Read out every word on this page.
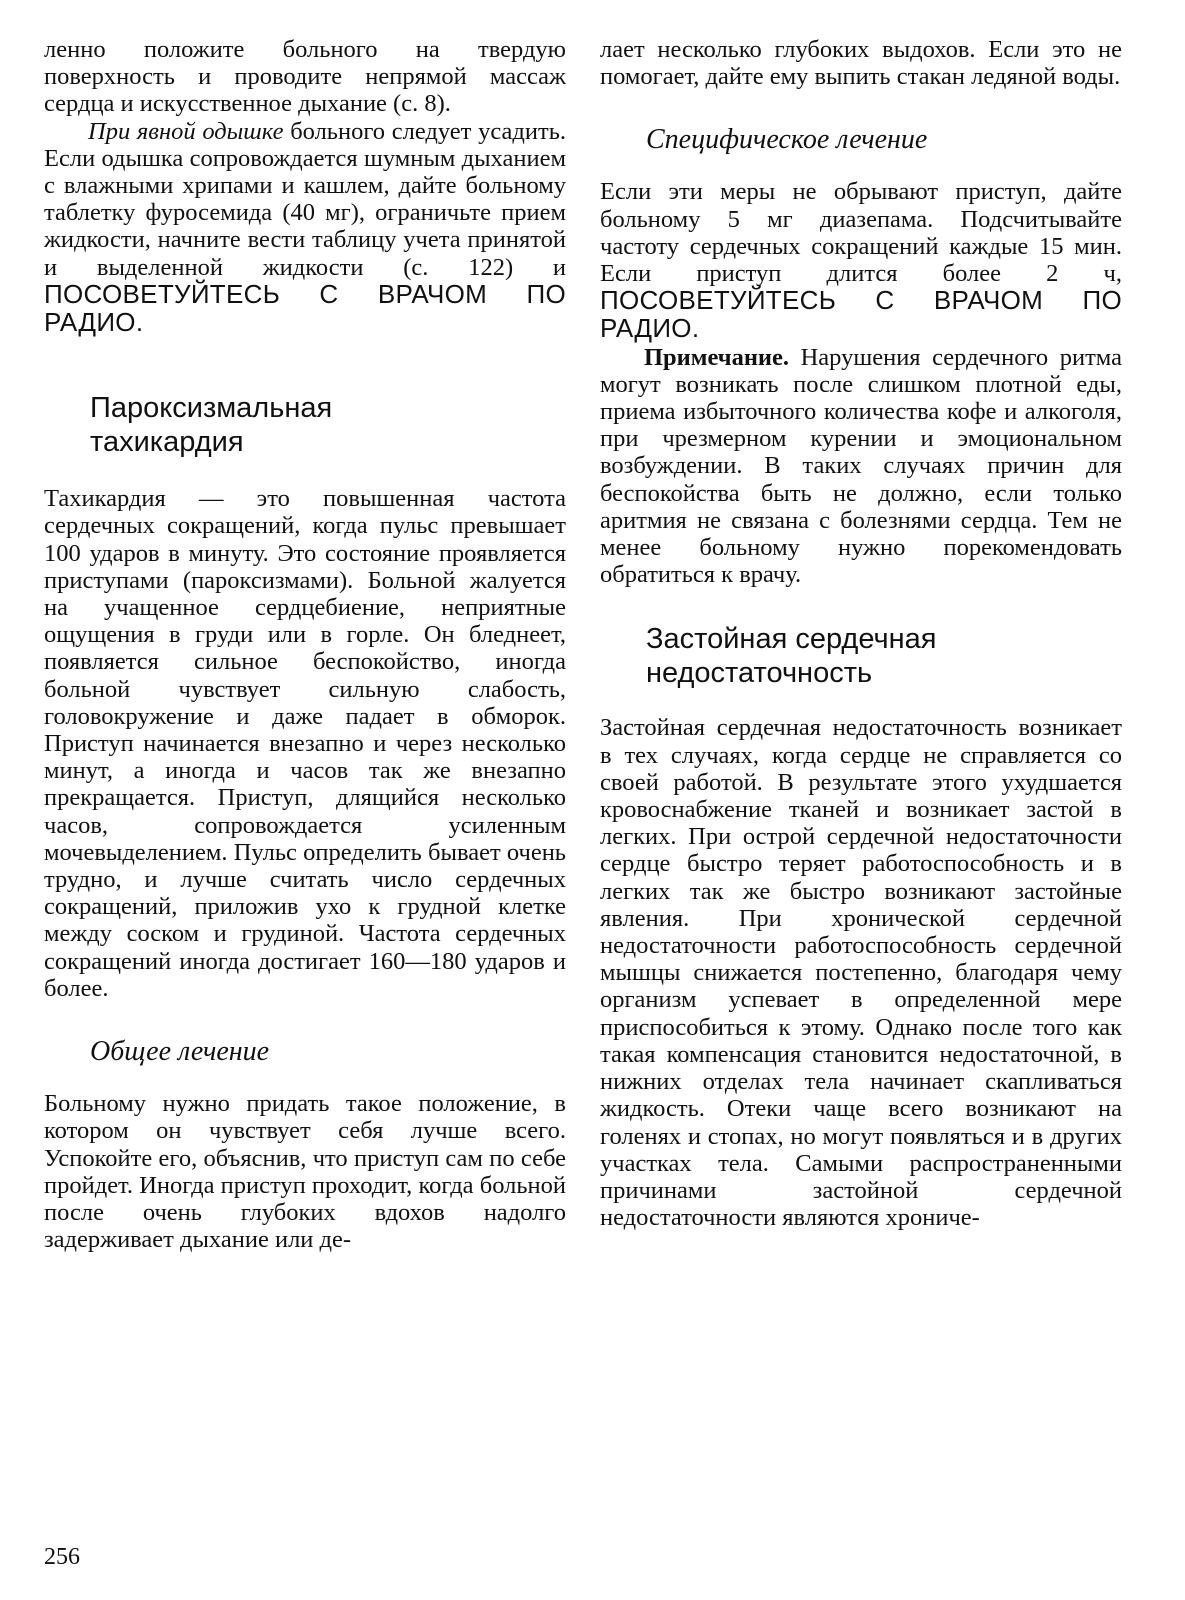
ленно положите больного на твердую поверхность и проводите непрямой массаж сердца и искусственное дыхание (с. 8).

При явной одышке больного следует усадить. Если одышка сопровождается шумным дыханием с влажными хрипами и кашлем, дайте больному таблетку фуросемида (40 мг), ограничьте прием жидкости, начните вести таблицу учета принятой и выделенной жидкости (с. 122) и ПОСОВЕТУЙТЕСЬ С ВРАЧОМ ПО РАДИО.

Пароксизмальная
тахикардия

Тахикардия — это повышенная частота сердечных сокращений, когда пульс превышает 100 ударов в минуту. Это состояние проявляется приступами (пароксизмами). Больной жалуется на учащенное сердцебиение, неприятные ощущения в груди или в горле. Он бледнеет, появляется сильное беспокойство, иногда больной чувствует сильную слабость, головокружение и даже падает в обморок. Приступ начинается внезапно и через несколько минут, а иногда и часов так же внезапно прекращается. Приступ, длящийся несколько часов, сопровождается усиленным мочевыделением. Пульс определить бывает очень трудно, и лучше считать число сердечных сокращений, приложив ухо к грудной клетке между соском и грудиной. Частота сердечных сокращений иногда достигает 160—180 ударов и более.

Общее лечение

Больному нужно придать такое положение, в котором он чувствует себя лучше всего. Успокойте его, объяснив, что приступ сам по себе пройдет. Иногда приступ проходит, когда больной после очень глубоких вдохов надолго задерживает дыхание или де-

лает несколько глубоких выдохов. Если это не помогает, дайте ему выпить стакан ледяной воды.

Специфическое лечение

Если эти меры не обрывают приступ, дайте больному 5 мг диазепама. Подсчитывайте частоту сердечных сокращений каждые 15 мин. Если приступ длится более 2 ч, ПОСОВЕТУЙТЕСЬ С ВРАЧОМ ПО РАДИО.

Примечание. Нарушения сердечного ритма могут возникать после слишком плотной еды, приема избыточного количества кофе и алкоголя, при чрезмерном курении и эмоциональном возбуждении. В таких случаях причин для беспокойства быть не должно, если только аритмия не связана с болезнями сердца. Тем не менее больному нужно порекомендовать обратиться к врачу.

Застойная сердечная
недостаточность

Застойная сердечная недостаточность возникает в тех случаях, когда сердце не справляется со своей работой. В результате этого ухудшается кровоснабжение тканей и возникает застой в легких. При острой сердечной недостаточности сердце быстро теряет работоспособность и в легких так же быстро возникают застойные явления. При хронической сердечной недостаточности работоспособность сердечной мышцы снижается постепенно, благодаря чему организм успевает в определенной мере приспособиться к этому. Однако после того как такая компенсация становится недостаточной, в нижних отделах тела начинает скапливаться жидкость. Отеки чаще всего возникают на голенях и стопах, но могут появляться и в других участках тела. Самыми распространенными причинами застойной сердечной недостаточности являются хрониче-

256
